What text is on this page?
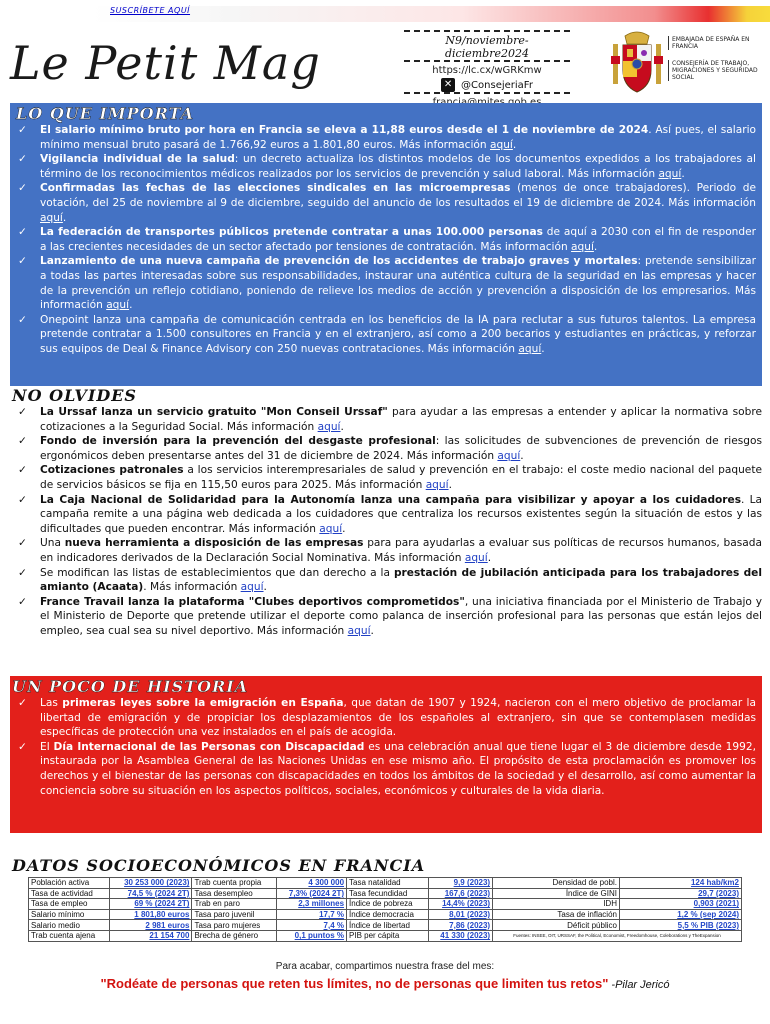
SUSCRÍBETE AQUÍ
Le Petit Mag	N9/noviembre-diciembre2024
https://lc.cx/wGRKmw
✕ @ConsejeriaFr
EMBAJADA DE ESPAÑA EN FRANCIA
CONSEJERÍA DE TRABAJO, MIGRACIONES Y SEGURIDAD SOCIAL
LO QUE IMPORTA
✓ El salario mínimo bruto por hora en Francia se eleva a 11,88 euros desde el 1 de noviembre de 2024. Así pues, el salario mínimo mensual bruto pasará de 1.766,92 euros a 1.801,80 euros. Más información aquí.
✓ Vigilancia individual de la salud: un decreto actualiza los distintos modelos de los documentos expedidos a los trabajadores al término de los reconocimientos médicos realizados por los servicios de prevención y salud laboral. Más información aquí.
✓ Confirmadas las fechas de las elecciones sindicales en las microempresas (menos de once trabajadores). Periodo de votación, del 25 de noviembre al 9 de diciembre, seguido del anuncio de los resultados el 19 de diciembre de 2024. Más información aquí.
✓ La federación de transportes públicos pretende contratar a unas 100.000 personas de aquí a 2030 con el fin de responder a las crecientes necesidades de un sector afectado por tensiones de contratación. Más información aquí.
✓ Lanzamiento de una nueva campaña de prevención de los accidentes de trabajo graves y mortales: pretende sensibilizar a todas las partes interesadas sobre sus responsabilidades, instaurar una auténtica cultura de la seguridad en las empresas y hacer de la prevención un reflejo cotidiano, poniendo de relieve los medios de acción y prevención a disposición de los empresarios. Más información aquí.
✓ Onepoint lanza una campaña de comunicación centrada en los beneficios de la IA para reclutar a sus futuros talentos. La empresa pretende contratar a 1.500 consultores en Francia y en el extranjero, así como a 200 becarios y estudiantes en prácticas, y reforzar sus equipos de Deal & Finance Advisory con 250 nuevas contrataciones. Más información aquí.
NO OLVIDES
✓ La Urssaf lanza un servicio gratuito "Mon Conseil Urssaf" para ayudar a las empresas a entender y aplicar la normativa sobre cotizaciones a la Seguridad Social. Más información aquí.
✓ Fondo de inversión para la prevención del desgaste profesional: las solicitudes de subvenciones de prevención de riesgos ergonómicos deben presentarse antes del 31 de diciembre de 2024. Más información aquí.
✓ Cotizaciones patronales a los servicios interempresariales de salud y prevención en el trabajo: el coste medio nacional del paquete de servicios básicos se fija en 115,50 euros para 2025. Más información aquí.
✓ La Caja Nacional de Solidaridad para la Autonomía lanza una campaña para visibilizar y apoyar a los cuidadores. La campaña remite a una página web dedicada a los cuidadores que centraliza los recursos existentes según la situación de estos y las dificultades que pueden encontrar. Más información aquí.
✓ Una nueva herramienta a disposición de las empresas para para ayudarlas a evaluar sus políticas de recursos humanos, basada en indicadores derivados de la Declaración Social Nominativa. Más información aquí.
✓ Se modifican las listas de establecimientos que dan derecho a la prestación de jubilación anticipada para los trabajadores del amianto (Acaata). Más información aquí.
✓ France Travail lanza la plataforma "Clubes deportivos comprometidos", una iniciativa financiada por el Ministerio de Trabajo y el Ministerio de Deporte que pretende utilizar el deporte como palanca de inserción profesional para las personas que están lejos del empleo, sea cual sea su nivel deportivo. Más información aquí.
UN POCO DE HISTORIA
✓ Las primeras leyes sobre la emigración en España, que datan de 1907 y 1924, nacieron con el mero objetivo de proclamar la libertad de emigración y de propiciar los desplazamientos de los españoles al extranjero, sin que se contemplasen medidas específicas de protección una vez instalados en el país de acogida.
✓ El Día Internacional de las Personas con Discapacidad es una celebración anual que tiene lugar el 3 de diciembre desde 1992, instaurada por la Asamblea General de las Naciones Unidas en ese mismo año. El propósito de esta proclamación es promover los derechos y el bienestar de las personas con discapacidades en todos los ámbitos de la sociedad y el desarrollo, así como aumentar la conciencia sobre su situación en los aspectos políticos, sociales, económicos y culturales de la vida diaria.
DATOS SOCIOECONÓMICOS EN FRANCIA
Población activa	30 253 000 (2023)	Trab cuenta propia	4 300 000	Tasa natalidad	9,9 (2023)	Densidad de pobl.	124 hab/km2
Tasa de actividad	74,5 % (2024 2T)	Tasa desempleo	7,3% (2024 2T)	Tasa fecundidad	167,6 (2023)	Índice de GINI	29,7 (2023)
Tasa de empleo	69 % (2024 2T)	Trab en paro	2,3 millones	Índice de pobreza	14,4% (2023)	IDH	0,903 (2021)
Salario mínimo	1 801,80 euros	Tasa paro juvenil	17,7 %	Índice democracia	8,01 (2023)	Tasa de inflación	1,2 % (sep 2024)
Salario medio	2 981 euros	Tasa paro mujeres	7,4 %	Índice de libertad	7,86 (2023)	Déficit público	5,5 % PIB (2023)
Trab cuenta ajena	21 154 700	Brecha de género	0,1 puntos %	PIB per cápita	41 330 (2023)	Fuentes: INSEE, OIT, URSSAF, the Political, Economist, Freedomhouse, Coleborations y TheExpansion	
Para acabar, compartimos nuestra frase del mes:
"Rodéate de personas que reten tus límites, no de personas que limiten tus retos" -Pilar Jericó
